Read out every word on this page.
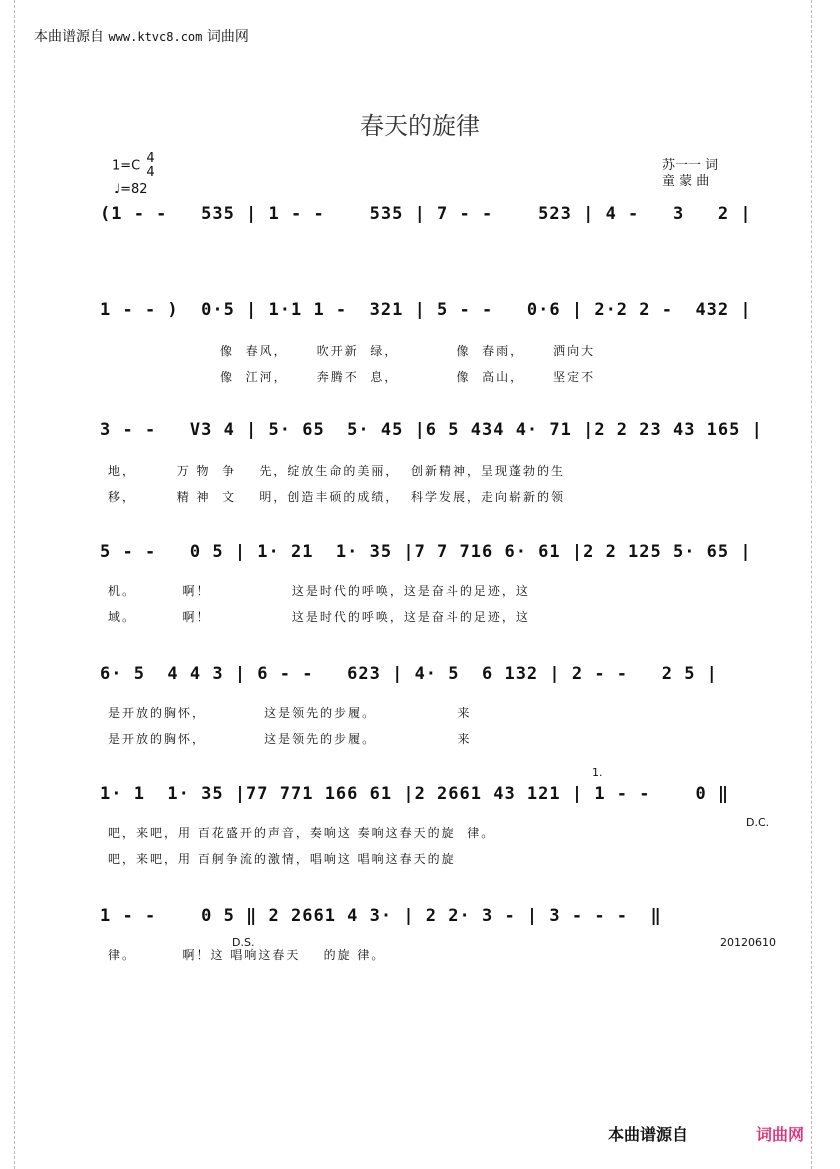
本曲谱源自 www.ktvc8.com 词曲网
春天的旋律
1=C 4
4
♩=82
苏一一 词
童 蒙 曲
(1 - -   535 | 1 - -    535 | 7 - -    523 | 4 -   3   2 |
1 - - )  0·5 | 1·1 1 -  321 | 5 - -   0·6 | 2·2 2 -  432 |
像  春风，     吹开新  绿，          像  春雨，     洒向大
像  江河，     奔腾不  息，          像  高山，     坚定不
3 - -   V3 4 | 5· 65  5· 45 |6 5 434 4· 71 |2 2 23 43 165 |
地，       万 物  争    先，绽放生命的美丽，  创新精神，呈现蓬勃的生
移，       精 神  文    明，创造丰硕的成绩，  科学发展，走向崭新的领
5 - -   0 5 | 1· 21  1· 35 |7 7 716 6· 61 |2 2 125 5· 65 |
机。        啊！              这是时代的呼唤，这是奋斗的足迹，这
域。        啊！              这是时代的呼唤，这是奋斗的足迹，这
6· 5  4 4 3 | 6 - -   623 | 4· 5  6 132 | 2 - -   2 5 |
是开放的胸怀，          这是领先的步履。              来
是开放的胸怀，          这是领先的步履。              来
1· 1  1· 35 |77 771 166 61 |2 2661 43 121 | 1 - -    0 ‖
吧，来吧，用 百花盛开的声音，奏响这 奏响这春天的旋  律。
吧，来吧，用 百舸争流的激情，唱响这 唱响这春天的旋
1 - -    0 5 ‖ 2 2661 4 3· | 2 2· 3 - | 3 - - -  ‖
律。        啊！这 唱响这春天    的旋 律。
1.
D.C.
D.S.	20120610
本曲谱源自	词曲网
